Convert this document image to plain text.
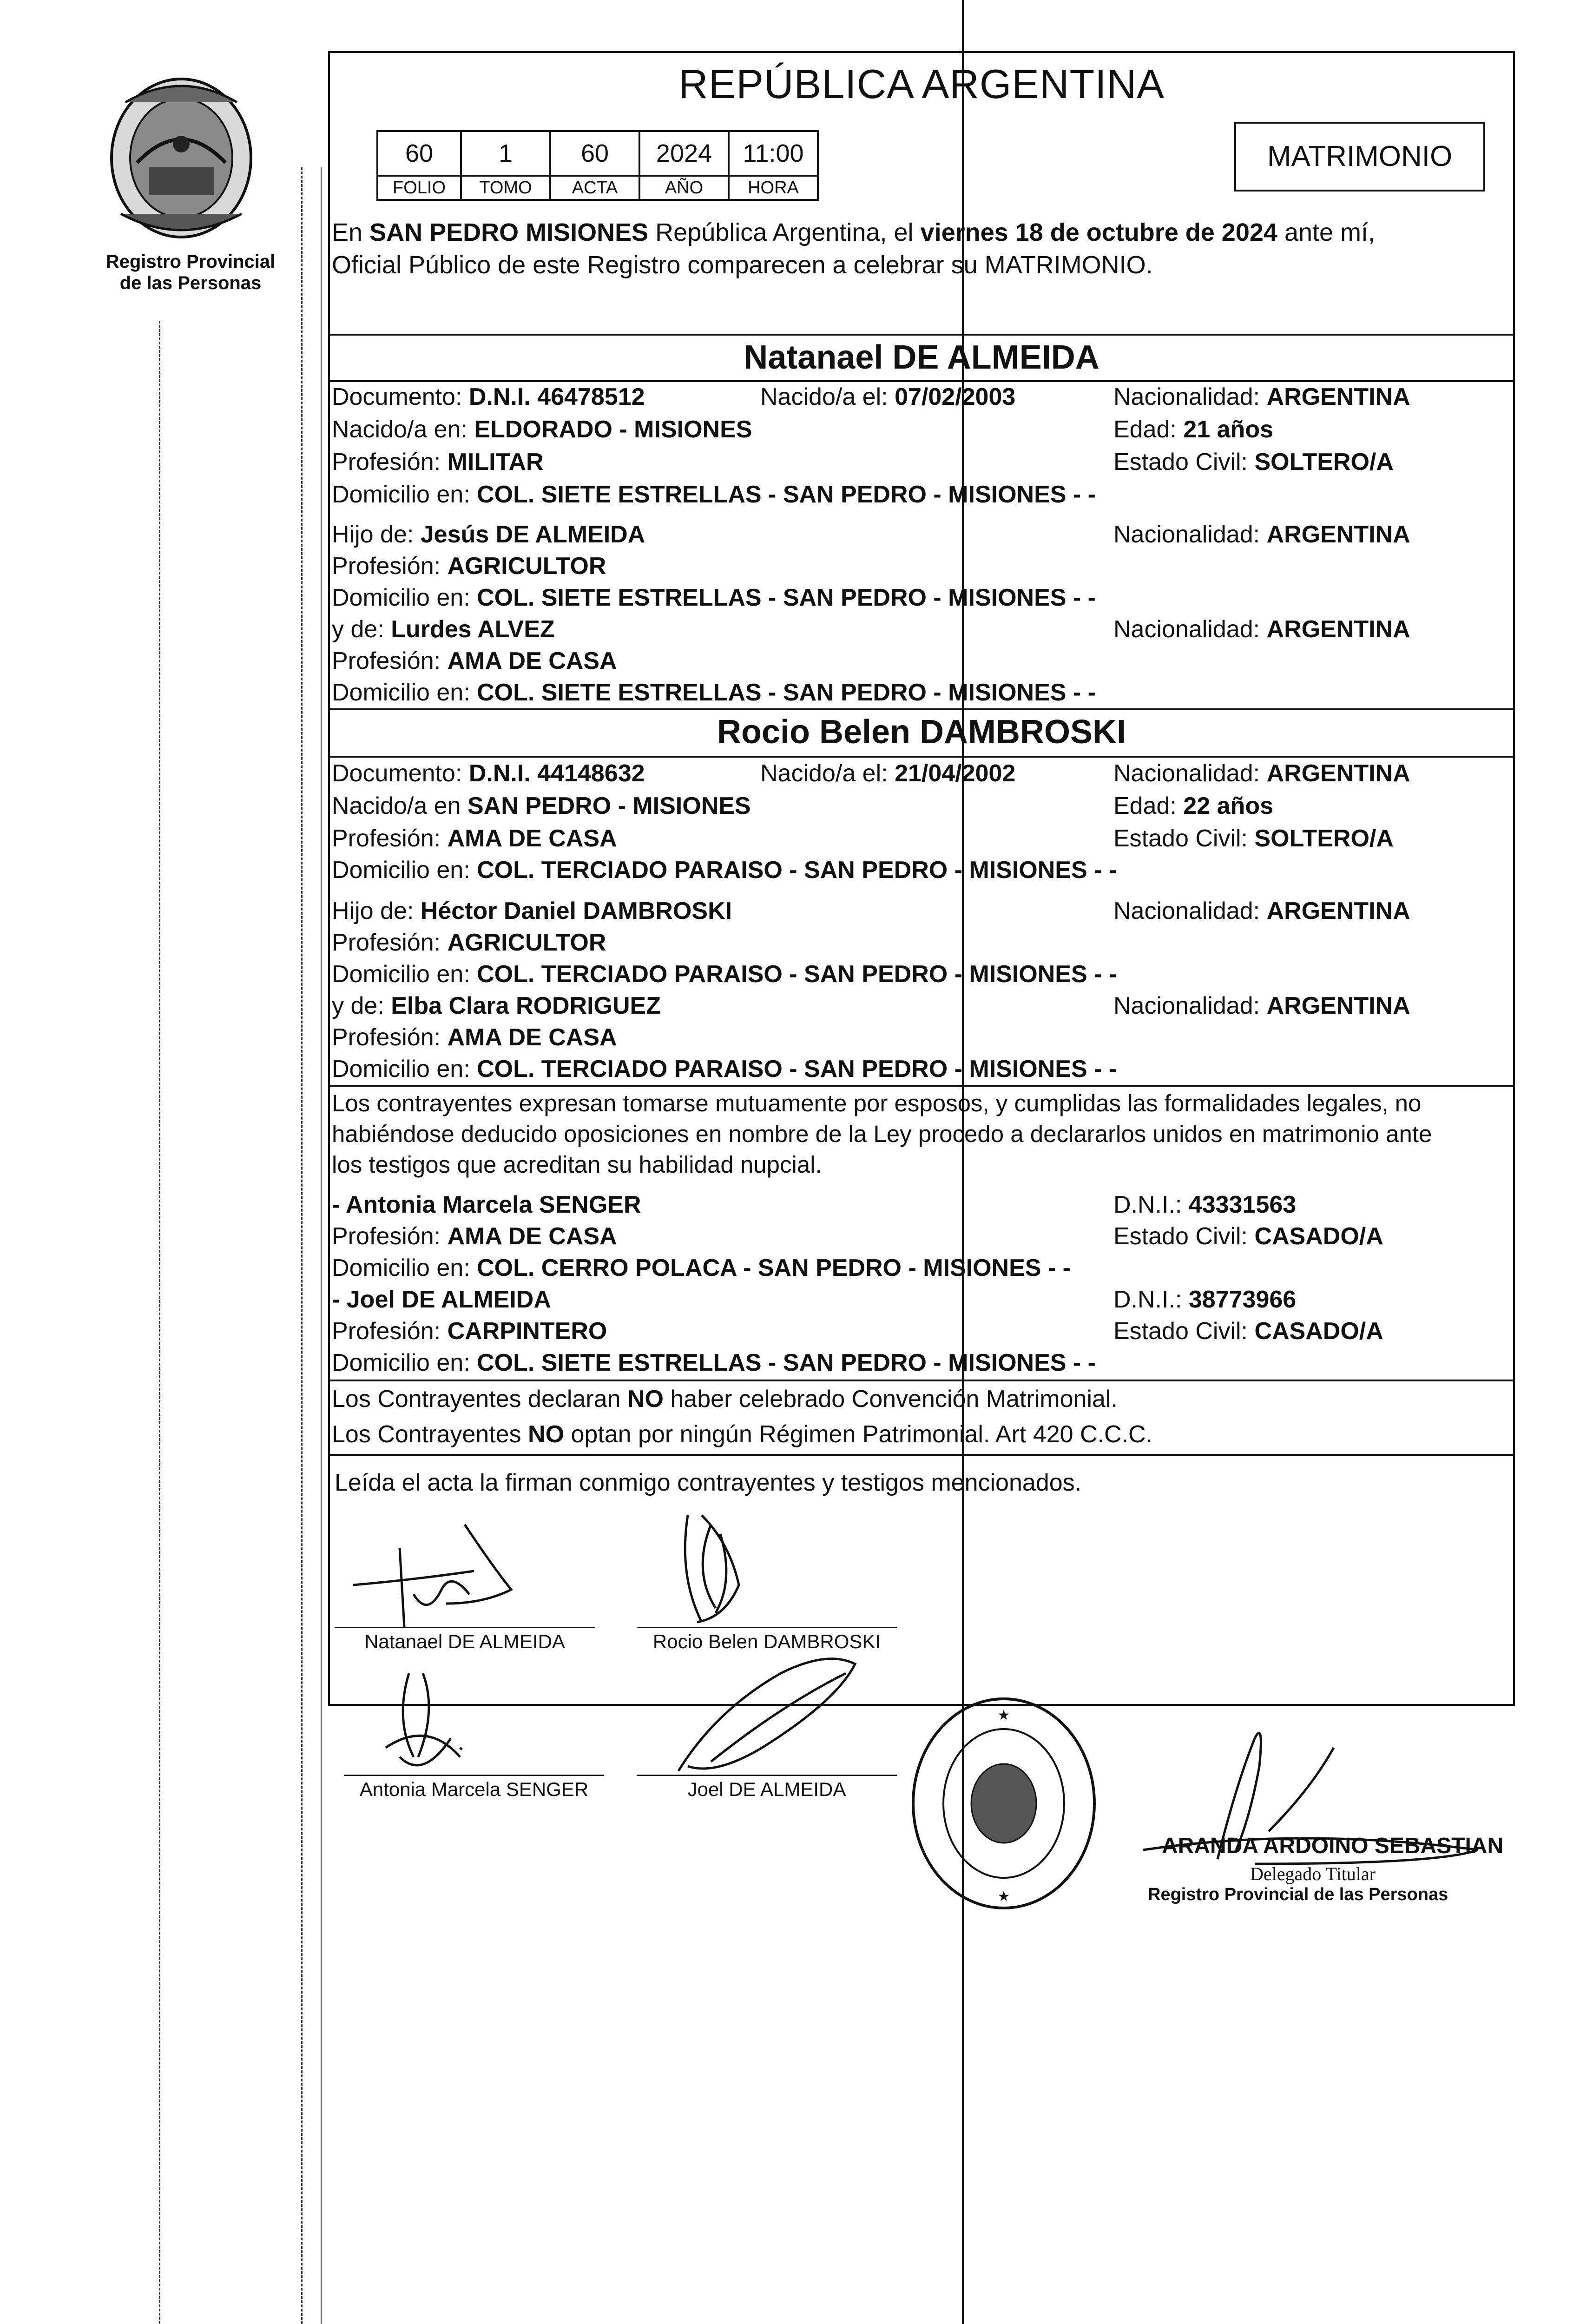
Registro Provincial
de las Personas
REPÚBLICA ARGENTINA
60	1	60	2024	11:00
FOLIO	TOMO	ACTA	AÑO	HORA
MATRIMONIO
En SAN PEDRO MISIONES República Argentina, el viernes 18 de octubre de 2024 ante mí,
Oficial Público de este Registro comparecen a celebrar su MATRIMONIO.
Natanael DE ALMEIDA
Documento: D.N.I. 46478512	Nacido/a el: 07/02/2003	Nacionalidad: ARGENTINA
Nacido/a en: ELDORADO - MISIONES	Edad: 21 años
Profesión: MILITAR	Estado Civil: SOLTERO/A
Domicilio en: COL. SIETE ESTRELLAS - SAN PEDRO - MISIONES - -
Hijo de: Jesús DE ALMEIDA	Nacionalidad: ARGENTINA
Profesión: AGRICULTOR
Domicilio en: COL. SIETE ESTRELLAS - SAN PEDRO - MISIONES - -
y de: Lurdes ALVEZ	Nacionalidad: ARGENTINA
Profesión: AMA DE CASA
Domicilio en: COL. SIETE ESTRELLAS - SAN PEDRO - MISIONES - -
Rocio Belen DAMBROSKI
Documento: D.N.I. 44148632	Nacido/a el: 21/04/2002	Nacionalidad: ARGENTINA
Nacido/a en SAN PEDRO - MISIONES	Edad: 22 años
Profesión: AMA DE CASA	Estado Civil: SOLTERO/A
Domicilio en: COL. TERCIADO PARAISO - SAN PEDRO - MISIONES - -
Hijo de: Héctor Daniel DAMBROSKI	Nacionalidad: ARGENTINA
Profesión: AGRICULTOR
Domicilio en: COL. TERCIADO PARAISO - SAN PEDRO - MISIONES - -
y de: Elba Clara RODRIGUEZ	Nacionalidad: ARGENTINA
Profesión: AMA DE CASA
Domicilio en: COL. TERCIADO PARAISO - SAN PEDRO - MISIONES - -
Los contrayentes expresan tomarse mutuamente por esposos, y cumplidas las formalidades legales, no
habiéndose deducido oposiciones en nombre de la Ley procedo a declararlos unidos en matrimonio ante
los testigos que acreditan su habilidad nupcial.
- Antonia Marcela SENGER	D.N.I.: 43331563
Profesión: AMA DE CASA	Estado Civil: CASADO/A
Domicilio en: COL. CERRO POLACA - SAN PEDRO - MISIONES - -
- Joel DE ALMEIDA	D.N.I.: 38773966
Profesión: CARPINTERO	Estado Civil: CASADO/A
Domicilio en: COL. SIETE ESTRELLAS - SAN PEDRO - MISIONES - -
Los Contrayentes declaran NO haber celebrado Convención Matrimonial.
Los Contrayentes NO optan por ningún Régimen Patrimonial. Art 420 C.C.C.
Leída el acta la firman conmigo contrayentes y testigos mencionados.
Natanael DE ALMEIDA	Rocio Belen DAMBROSKI
Antonia Marcela SENGER	Joel DE ALMEIDA
★
★
ARANDA ARDOINO SEBASTIAN
Delegado Titular
Registro Provincial de las Personas
